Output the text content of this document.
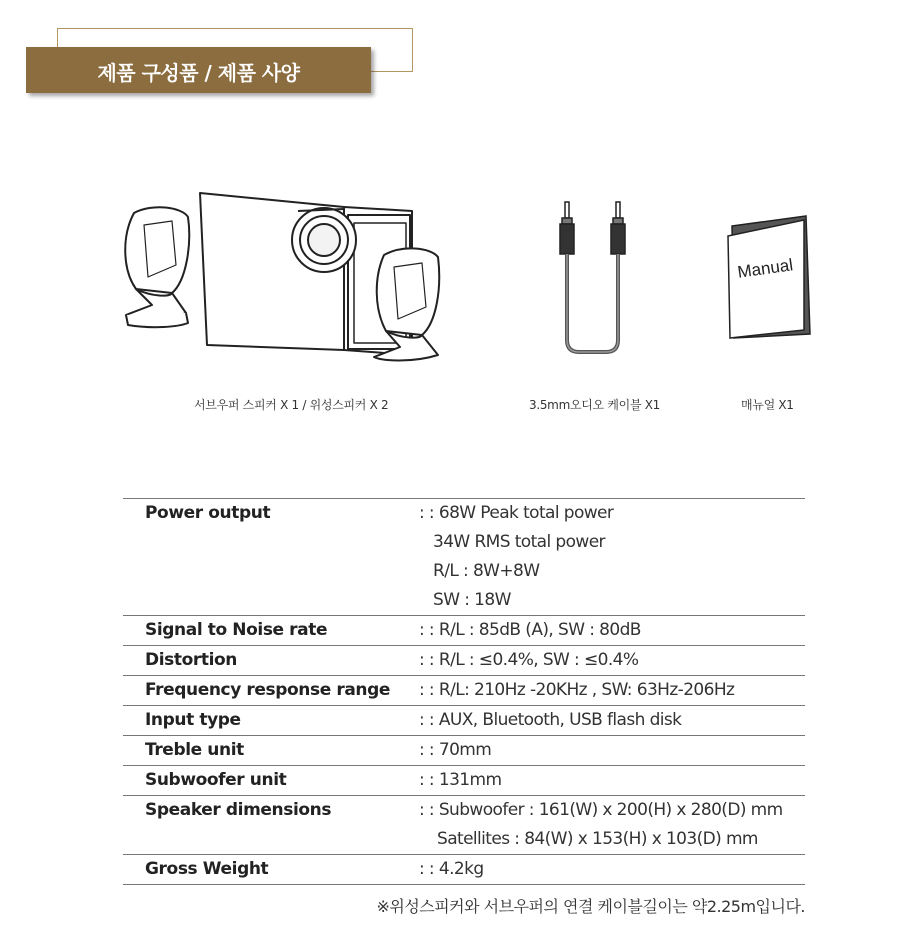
제품 구성품 / 제품 사양
Manual
서브우퍼 스피커 X 1 / 위성스피커 X 2	3.5mm오디오 케이블 X1	매뉴얼 X1
Power output	: : 68W Peak total power
34W RMS total power
R/L : 8W+8W
SW : 18W
Signal to Noise rate	: : R/L : 85dB (A), SW : 80dB
Distortion	: : R/L : ≤0.4%, SW : ≤0.4%
Frequency response range	: : R/L: 210Hz -20KHz , SW: 63Hz-206Hz
Input type	: : AUX, Bluetooth, USB flash disk
Treble unit	: : 70mm
Subwoofer unit	: : 131mm
Speaker dimensions	: : Subwoofer : 161(W) x 200(H) x 280(D) mm
Satellites : 84(W) x 153(H) x 103(D) mm
Gross Weight	: : 4.2kg
※위성스피커와 서브우퍼의 연결 케이블길이는 약2.25m입니다.
